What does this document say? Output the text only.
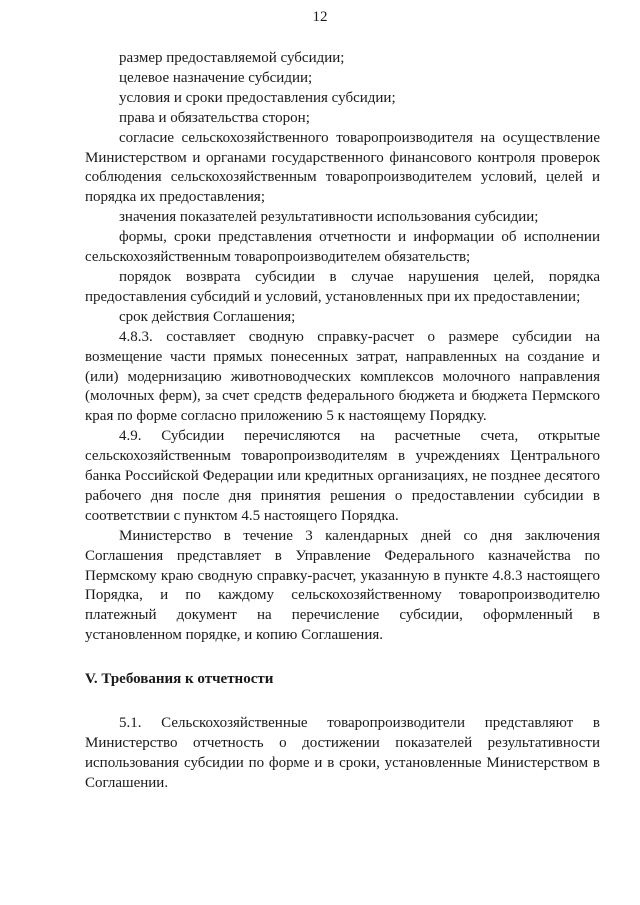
12

размер предоставляемой субсидии;

целевое назначение субсидии;

условия и сроки предоставления субсидии;

права и обязательства сторон;

согласие сельскохозяйственного товаропроизводителя на осуществление Министерством и органами государственного финансового контроля проверок соблюдения сельскохозяйственным товаропроизводителем условий, целей и порядка их предоставления;

значения показателей результативности использования субсидии;

формы, сроки представления отчетности и информации об исполнении сельскохозяйственным товаропроизводителем обязательств;

порядок возврата субсидии в случае нарушения целей, порядка предоставления субсидий и условий, установленных при их предоставлении;

срок действия Соглашения;

4.8.3. составляет сводную справку-расчет о размере субсидии на возмещение части прямых понесенных затрат, направленных на создание и (или) модернизацию животноводческих комплексов молочного направления (молочных ферм), за счет средств федерального бюджета и бюджета Пермского края по форме согласно приложению 5 к настоящему Порядку.

4.9. Субсидии перечисляются на расчетные счета, открытые сельскохозяйственным товаропроизводителям в учреждениях Центрального банка Российской Федерации или кредитных организациях, не позднее десятого рабочего дня после дня принятия решения о предоставлении субсидии в соответствии с пунктом 4.5 настоящего Порядка.

Министерство в течение 3 календарных дней со дня заключения Соглашения представляет в Управление Федерального казначейства по Пермскому краю сводную справку-расчет, указанную в пункте 4.8.3 настоящего Порядка, и по каждому сельскохозяйственному товаропроизводителю платежный документ на перечисление субсидии, оформленный в установленном порядке, и копию Соглашения.

V. Требования к отчетности

5.1. Сельскохозяйственные товаропроизводители представляют в Министерство отчетность о достижении показателей результативности использования субсидии по форме и в сроки, установленные Министерством в Соглашении.
